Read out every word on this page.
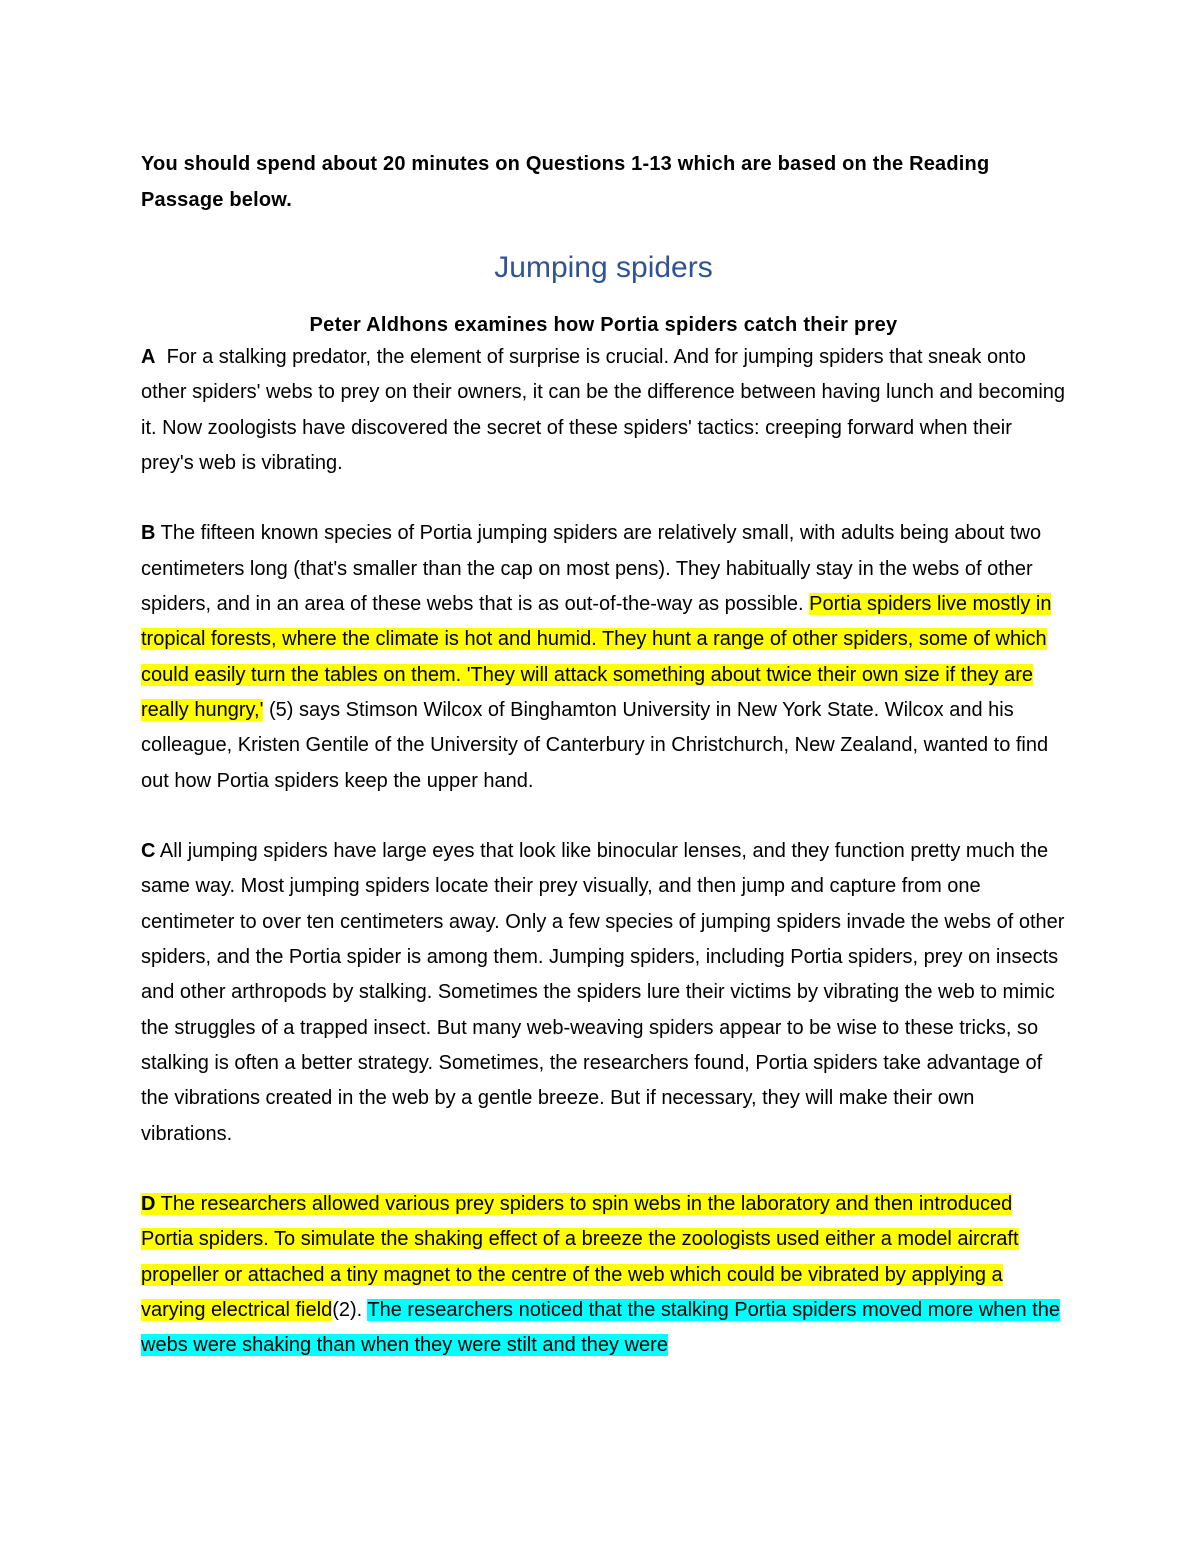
You should spend about 20 minutes on Questions 1-13 which are based on the Reading Passage below.

Jumping spiders

Peter Aldhons examines how Portia spiders catch their prey

A  For a stalking predator, the element of surprise is crucial. And for jumping spiders that sneak onto other spiders' webs to prey on their owners, it can be the difference between having lunch and becoming it. Now zoologists have discovered the secret of these spiders' tactics: creeping forward when their prey's web is vibrating.

B The fifteen known species of Portia jumping spiders are relatively small, with adults being about two centimeters long (that's smaller than the cap on most pens). They habitually stay in the webs of other spiders, and in an area of these webs that is as out-of-the-way as possible. Portia spiders live mostly in tropical forests, where the climate is hot and humid. They hunt a range of other spiders, some of which could easily turn the tables on them. 'They will attack something about twice their own size if they are really hungry,' (5) says Stimson Wilcox of Binghamton University in New York State. Wilcox and his colleague, Kristen Gentile of the University of Canterbury in Christchurch, New Zealand, wanted to find out how Portia spiders keep the upper hand.

C All jumping spiders have large eyes that look like binocular lenses, and they function pretty much the same way. Most jumping spiders locate their prey visually, and then jump and capture from one centimeter to over ten centimeters away. Only a few species of jumping spiders invade the webs of other spiders, and the Portia spider is among them. Jumping spiders, including Portia spiders, prey on insects and other arthropods by stalking. Sometimes the spiders lure their victims by vibrating the web to mimic the struggles of a trapped insect. But many web-weaving spiders appear to be wise to these tricks, so stalking is often a better strategy. Sometimes, the researchers found, Portia spiders take advantage of the vibrations created in the web by a gentle breeze. But if necessary, they will make their own vibrations.

D The researchers allowed various prey spiders to spin webs in the laboratory and then introduced Portia spiders. To simulate the shaking effect of a breeze the zoologists used either a model aircraft propeller or attached a tiny magnet to the centre of the web which could be vibrated by applying a varying electrical field(2). The researchers noticed that the stalking Portia spiders moved more when the webs were shaking than when they were stilt and they were
